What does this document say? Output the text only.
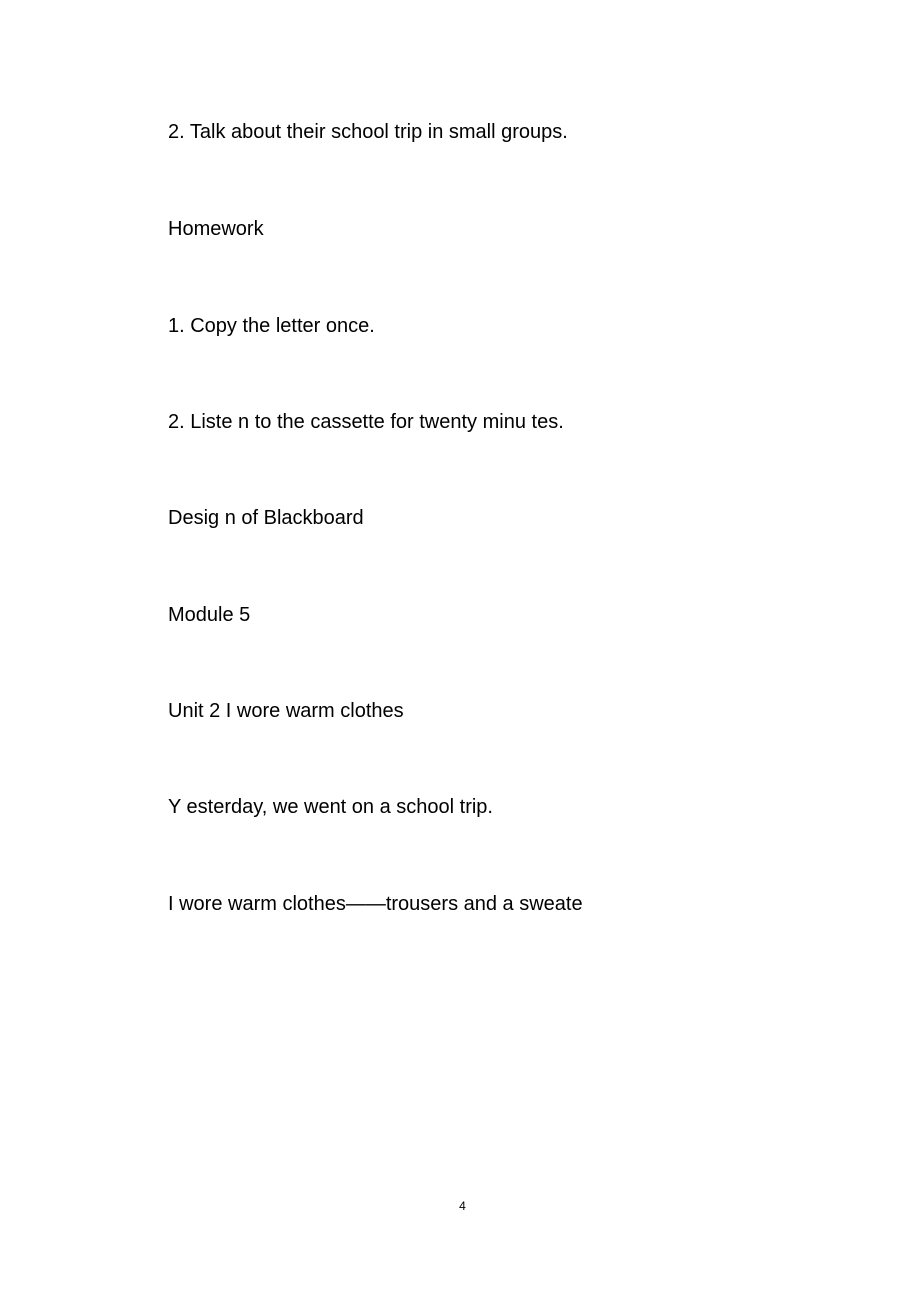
2. Talk about their school trip in small groups.

Homework

1. Copy the letter once.

2. Liste n to the cassette for twenty minu tes.

Desig n of Blackboard

Module 5

Unit 2 I wore warm clothes

Y esterday, we went on a school trip.

I wore warm clothes——trousers and a sweate

4
